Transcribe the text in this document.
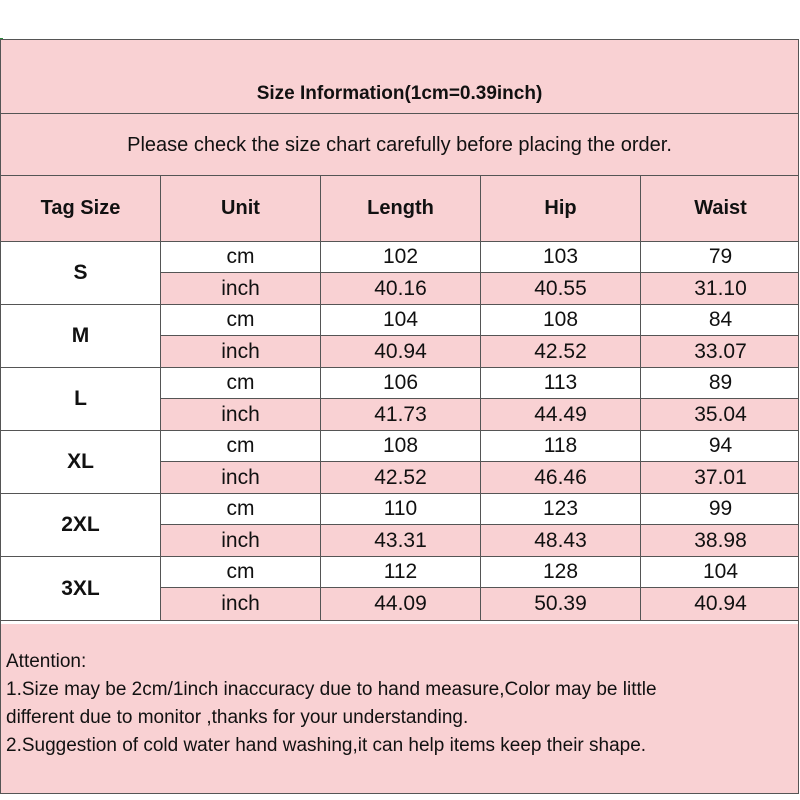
Size Information(1cm=0.39inch)
Please check the size chart carefully before placing the order.
Tag Size	Unit	Length	Hip	Waist
S
cm	102	103	79
inch	40.16	40.55	31.10
M
cm	104	108	84
inch	40.94	42.52	33.07
L
cm	106	113	89
inch	41.73	44.49	35.04
XL
cm	108	118	94
inch	42.52	46.46	37.01
2XL
cm	110	123	99
inch	43.31	48.43	38.98
3XL
cm	112	128	104
inch	44.09	50.39	40.94

Attention:

1.Size may be 2cm/1inch inaccuracy due to hand measure,Color may be little

different due to monitor ,thanks for your understanding.

2.Suggestion of cold water hand washing,it can help items keep their shape.
